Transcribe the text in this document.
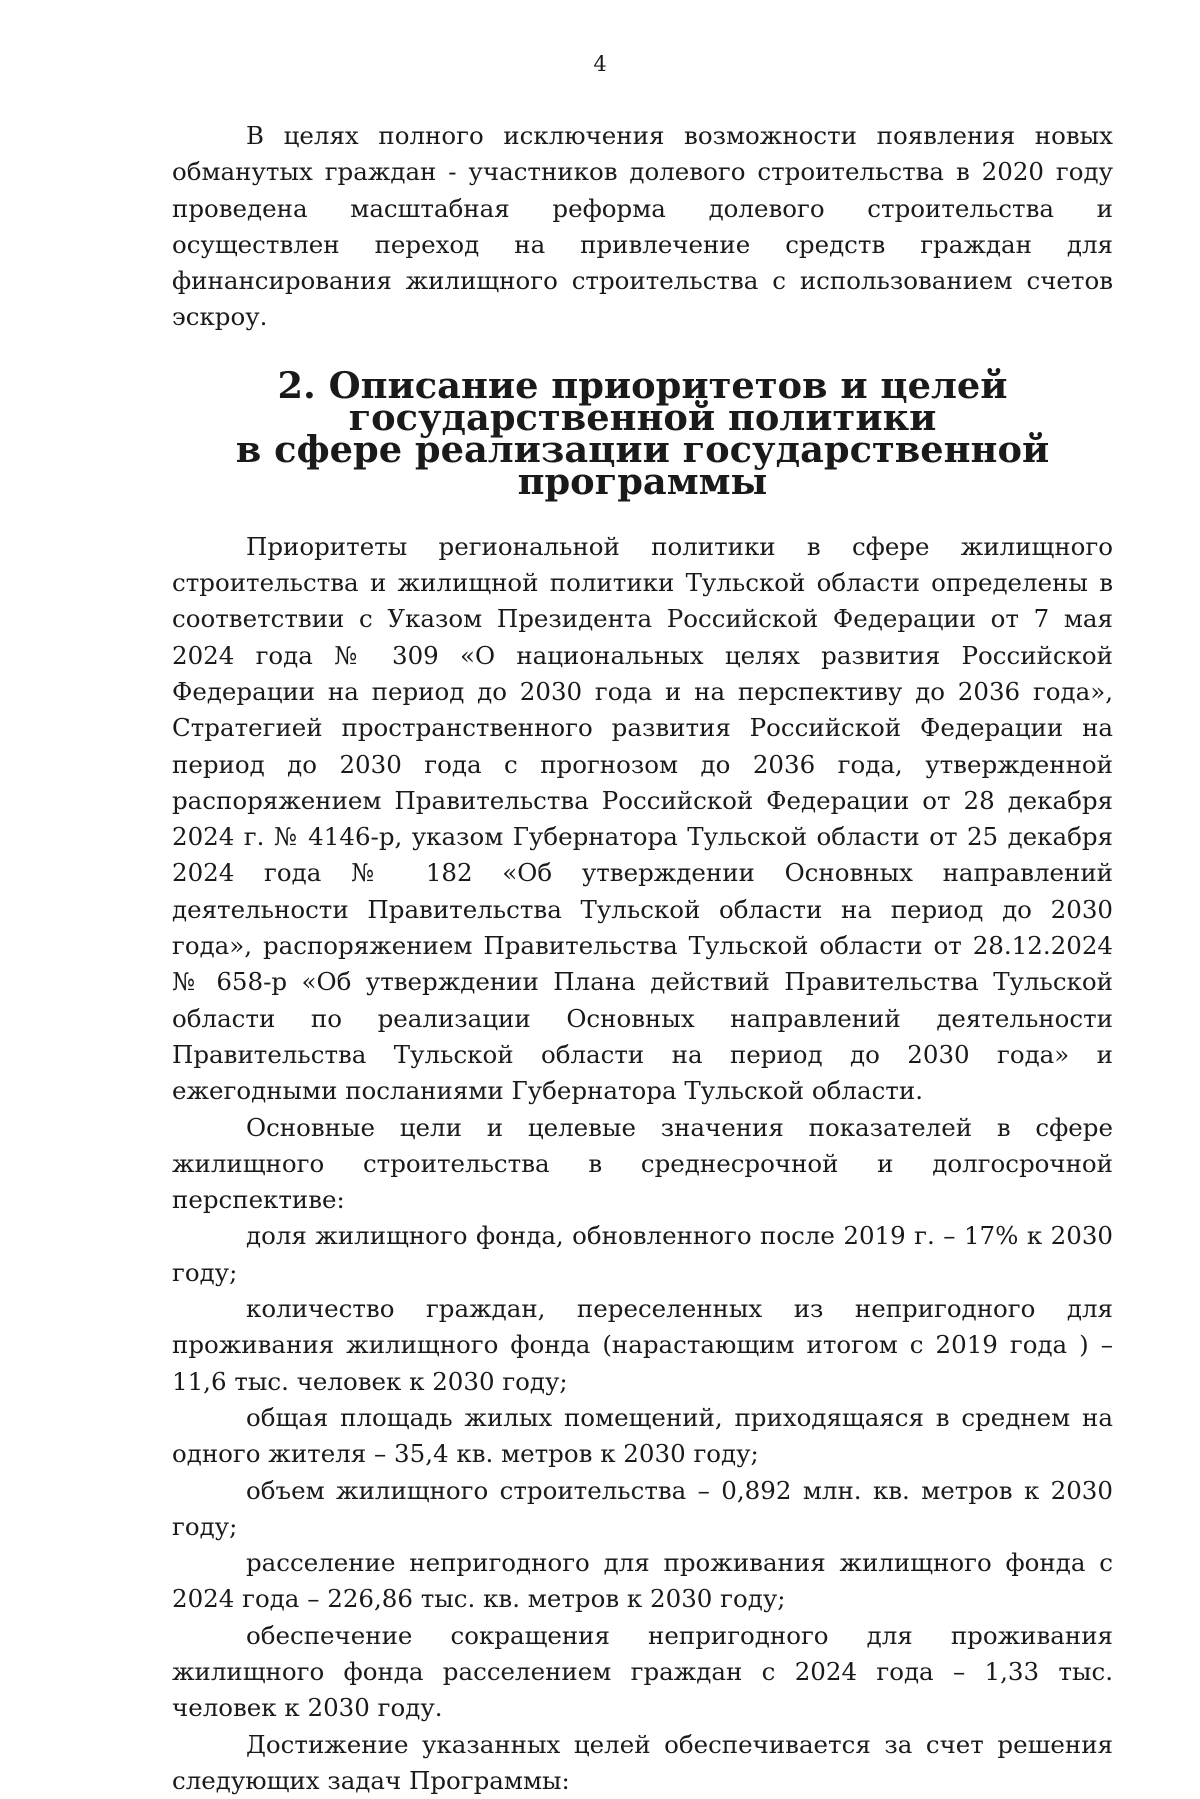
4

В целях полного исключения возможности появления новых обманутых граждан - участников долевого строительства в 2020 году проведена масштабная реформа долевого строительства и осуществлен переход на привлечение средств граждан для финансирования жилищного строительства с использованием счетов эскроу.

2. Описание приоритетов и целей государственной политики
в сфере реализации государственной программы

Приоритеты региональной политики в сфере жилищного строительства и жилищной политики Тульской области определены в соответствии с Указом Президента Российской Федерации от 7 мая 2024 года № 309 «О национальных целях развития Российской Федерации на период до 2030 года и на перспективу до 2036 года», Стратегией пространственного развития Российской Федерации на период до 2030 года с прогнозом до 2036 года, утвержденной распоряжением Правительства Российской Федерации от 28 декабря 2024 г. № 4146-р, указом Губернатора Тульской области от 25 декабря 2024 года № 182 «Об утверждении Основных направлений деятельности Правительства Тульской области на период до 2030 года», распоряжением Правительства Тульской области от 28.12.2024 № 658-р «Об утверждении Плана действий Правительства Тульской области по реализации Основных направлений деятельности Правительства Тульской области на период до 2030 года» и ежегодными посланиями Губернатора Тульской области.

Основные цели и целевые значения показателей в сфере жилищного строительства в среднесрочной и долгосрочной перспективе:

доля жилищного фонда, обновленного после 2019 г. – 17% к 2030 году;

количество граждан, переселенных из непригодного для проживания жилищного фонда (нарастающим итогом с 2019 года ) – 11,6 тыс. человек к 2030 году;

общая площадь жилых помещений, приходящаяся в среднем на одного жителя – 35,4 кв. метров к 2030 году;

объем жилищного строительства – 0,892 млн. кв. метров к 2030 году;

расселение непригодного для проживания жилищного фонда с 2024 года – 226,86 тыс. кв. метров к 2030 году;

обеспечение сокращения непригодного для проживания жилищного фонда расселением граждан с 2024 года – 1,33 тыс. человек к 2030 году.

Достижение указанных целей обеспечивается за счет решения следующих задач Программы:
